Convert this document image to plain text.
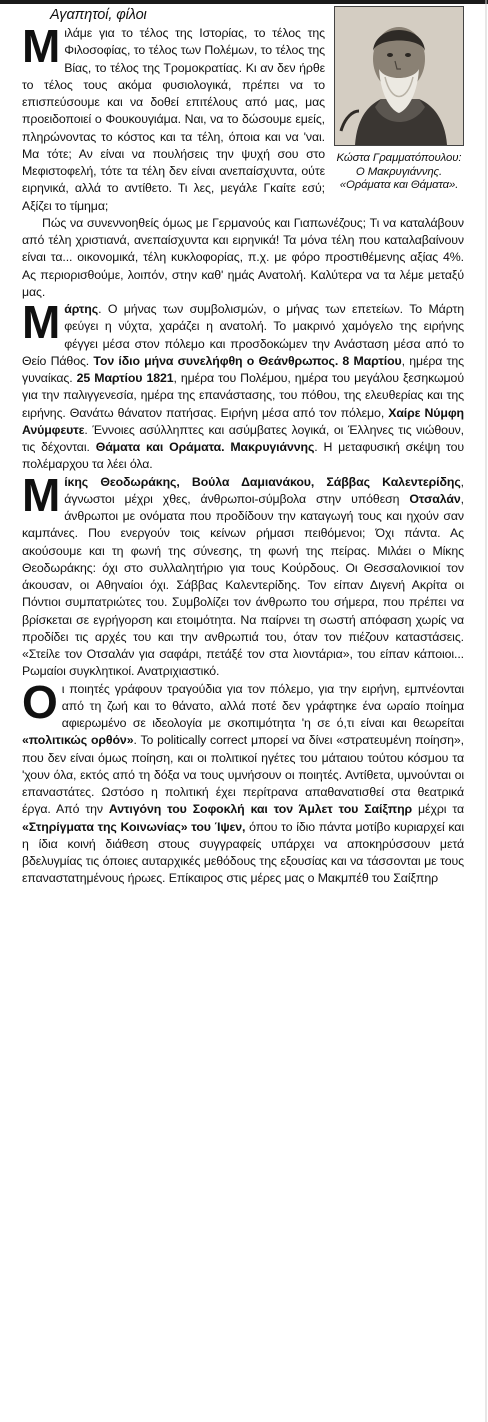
Κώστα Γραμματόπουλου: Ο Μακρυγιάννης. «Οράματα και Θάματα».

Αγαπητοί, φίλοι

Μιλάμε για το τέλος της Ιστορίας, το τέλος της Φιλοσοφίας, το τέλος των Πολέμων, το τέλος της Βίας, το τέλος της Τρομοκρατίας. Κι αν δεν ήρθε το τέλος τους ακόμα φυσιολογικά, πρέπει να το επισπεύσουμε και να δοθεί επιτέλους από μας, μας προειδοποιεί ο Φουκουγιάμα. Ναι, να το δώσουμε εμείς, πληρώνοντας το κόστος και τα τέλη, όποια και να 'ναι. Μα τότε; Αν είναι να πουλήσεις την ψυχή σου στο Μεφιστοφελή, τότε τα τέλη δεν είναι ανεπαίσχυντα, ούτε ειρηνικά, αλλά το αντίθετο. Τι λες, μεγάλε Γκαίτε εσύ; Αξίζει το τίμημα;

Πώς να συνεννοηθείς όμως με Γερμανούς και Γιαπωνέζους; Τι να καταλάβουν από τέλη χριστιανά, ανεπαίσχυντα και ειρηνικά! Τα μόνα τέλη που καταλαβαίνουν είναι τα... οικονομικά, τέλη κυκλοφορίας, π.χ. με φόρο προστιθέμενης αξίας 4%. Ας περιορισθούμε, λοιπόν, στην καθ' ημάς Ανατολή. Καλύτερα να τα λέμε μεταξύ μας.

Μάρτης. Ο μήνας των συμβολισμών, ο μήνας των επετείων. Το Μάρτη φεύγει η νύχτα, χαράζει η ανατολή. Το μακρινό χαμόγελο της ειρήνης φέγγει μέσα στον πόλεμο και προσδοκώμεν την Ανάσταση μέσα από το Θείο Πάθος. Τον ίδιο μήνα συνελήφθη ο Θεάνθρωπος. 8 Μαρτίου, ημέρα της γυναίκας. 25 Μαρτίου 1821, ημέρα του Πολέμου, ημέρα του μεγάλου ξεσηκωμού για την παλιγγενεσία, ημέρα της επανάστασης, του πόθου, της ελευθερίας και της ειρήνης. Θανάτω θάνατον πατήσας. Ειρήνη μέσα από τον πόλεμο, Χαίρε Νύμφη Ανύμφευτε. Έννοιες ασύλληπτες και ασύμβατες λογικά, οι Έλληνες τις νιώθουν, τις δέχονται. Θάματα και Οράματα. Μακρυγιάννης. Η μεταφυσική σκέψη του πολέμαρχου τα λέει όλα.

Μίκης Θεοδωράκης, Βούλα Δαμιανάκου, Σάββας Καλεντερίδης, άγνωστοι μέχρι χθες, άνθρωποι-σύμβολα στην υπόθεση Οτσαλάν, άνθρωποι με ονόματα που προδίδουν την καταγωγή τους και ηχούν σαν καμπάνες. Που ενεργούν τοις κείνων ρήμασι πειθόμενοι; Όχι πάντα. Ας ακούσουμε και τη φωνή της σύνεσης, τη φωνή της πείρας. Μιλάει ο Μίκης Θεοδωράκης: όχι στο συλλαλητήριο για τους Κούρδους. Οι Θεσσαλονικιοί τον άκουσαν, οι Αθηναίοι όχι. Σάββας Καλεντερίδης. Τον είπαν Διγενή Ακρίτα οι Πόντιοι συμπατριώτες του. Συμβολίζει τον άνθρωπο του σήμερα, που πρέπει να βρίσκεται σε εγρήγορση και ετοιμότητα. Να παίρνει τη σωστή απόφαση χωρίς να προδίδει τις αρχές του και την ανθρωπιά του, όταν τον πιέζουν καταστάσεις. «Στείλε τον Οτσαλάν για σαφάρι, πετάξέ τον στα λιοντάρια», του είπαν κάποιοι... Ρωμαίοι συγκλητικοί. Ανατριχιαστικό.

Οι ποιητές γράφουν τραγούδια για τον πόλεμο, για την ειρήνη, εμπνέονται από τη ζωή και το θάνατο, αλλά ποτέ δεν γράφτηκε ένα ωραίο ποίημα αφιερωμένο σε ιδεολογία με σκοπιμότητα 'η σε ό,τι είναι και θεωρείται «πολιτικώς ορθόν». Το politically correct μπορεί να δίνει «στρατευμένη ποίηση», που δεν είναι όμως ποίηση, και οι πολιτικοί ηγέτες του μάταιου τούτου κόσμου τα 'χουν όλα, εκτός από τη δόξα να τους υμνήσουν οι ποιητές. Αντίθετα, υμνούνται οι επαναστάτες. Ωστόσο η πολιτική έχει περίτρανα απαθανατισθεί στα θεατρικά έργα. Από την Αντιγόνη του Σοφοκλή και τον Άμλετ του Σαίξπηρ μέχρι τα «Στηρίγματα της Κοινωνίας» του Ίψεν, όπου το ίδιο πάντα μοτίβο κυριαρχεί και η ίδια κοινή διάθεση στους συγγραφείς υπάρχει να αποκηρύσσουν μετά βδελυγμίας τις όποιες αυταρχικές μεθόδους της εξουσίας και να τάσσονται με τους επαναστατημένους ήρωες. Επίκαιρος στις μέρες μας ο Μακμπέθ του Σαίξπηρ
